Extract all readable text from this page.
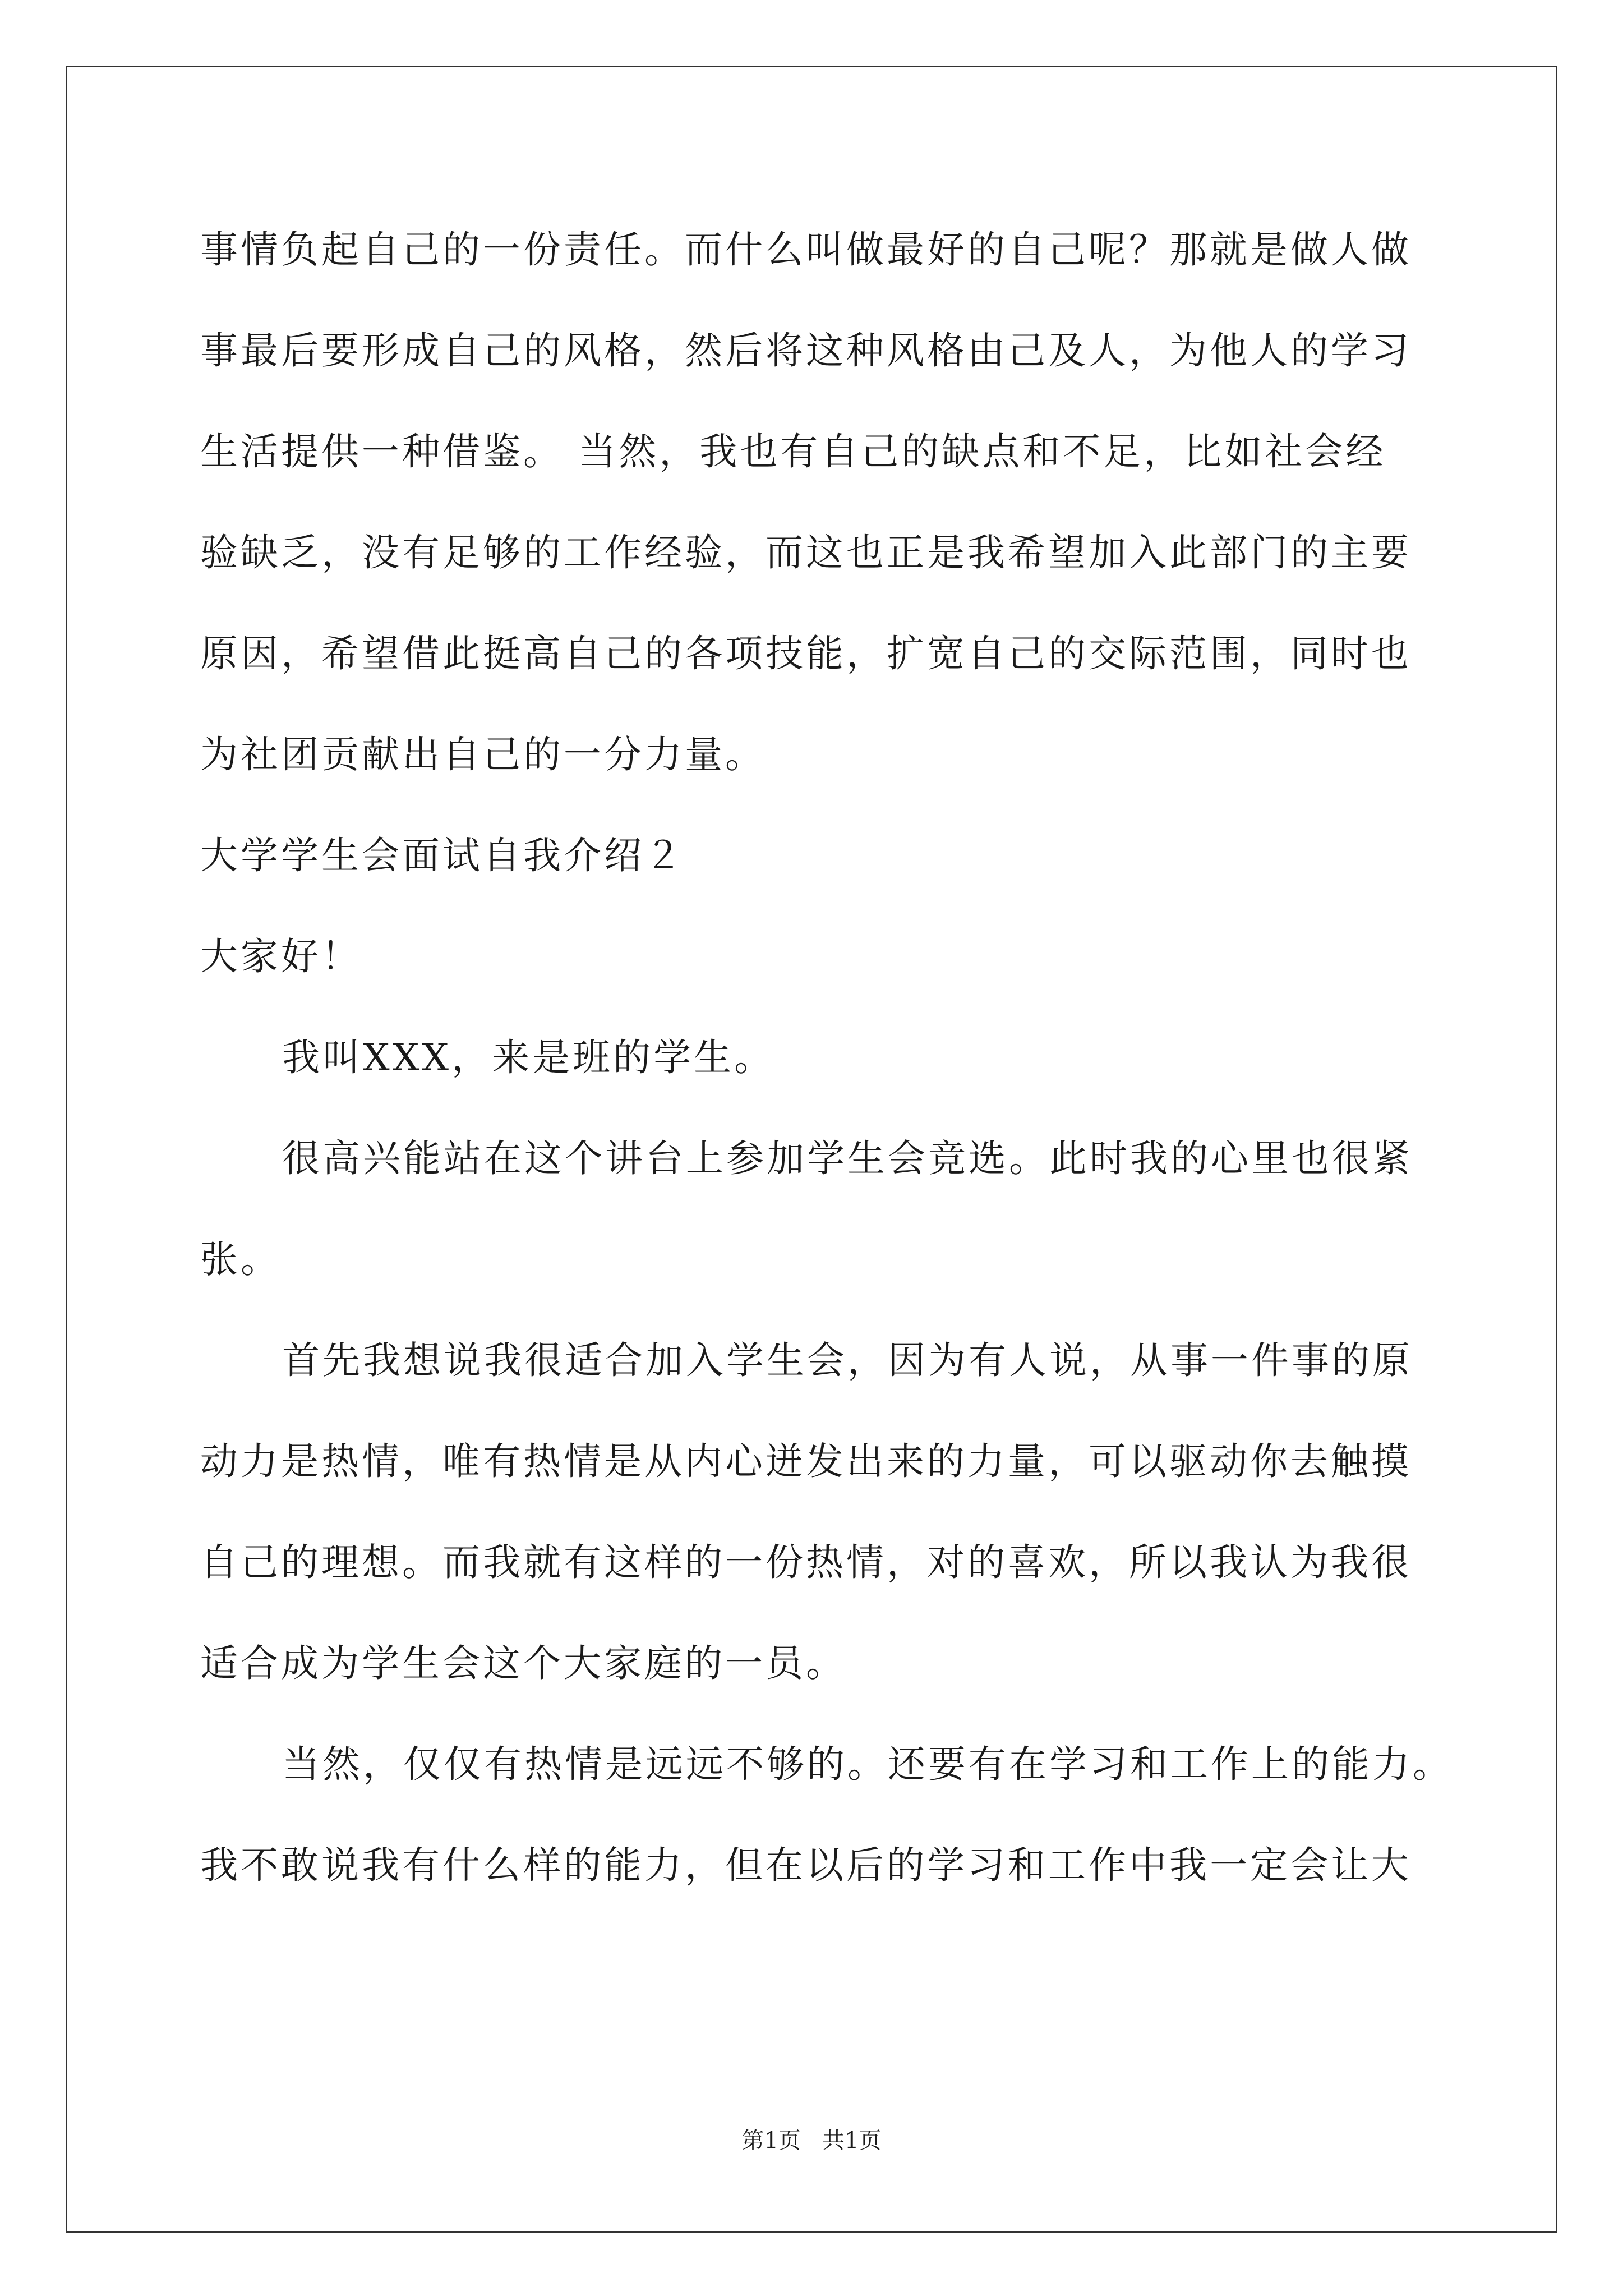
事情负起自己的一份责任。而什么叫做最好的自己呢？那就是做人做
事最后要形成自己的风格，然后将这种风格由己及人，为他人的学习
生活提供一种借鉴。 当然，我也有自己的缺点和不足，比如社会经
验缺乏，没有足够的工作经验，而这也正是我希望加入此部门的主要
原因，希望借此挺高自己的各项技能，扩宽自己的交际范围，同时也
为社团贡献出自己的一分力量。
大学学生会面试自我介绍２
大家好！
我叫XXX，来是班的学生。
很高兴能站在这个讲台上参加学生会竞选。此时我的心里也很紧
张。
首先我想说我很适合加入学生会，因为有人说，从事一件事的原
动力是热情，唯有热情是从内心迸发出来的力量，可以驱动你去触摸
自己的理想。而我就有这样的一份热情，对的喜欢，所以我认为我很
适合成为学生会这个大家庭的一员。
当然，仅仅有热情是远远不够的。还要有在学习和工作上的能力。
我不敢说我有什么样的能力，但在以后的学习和工作中我一定会让大
第1页   共1页
